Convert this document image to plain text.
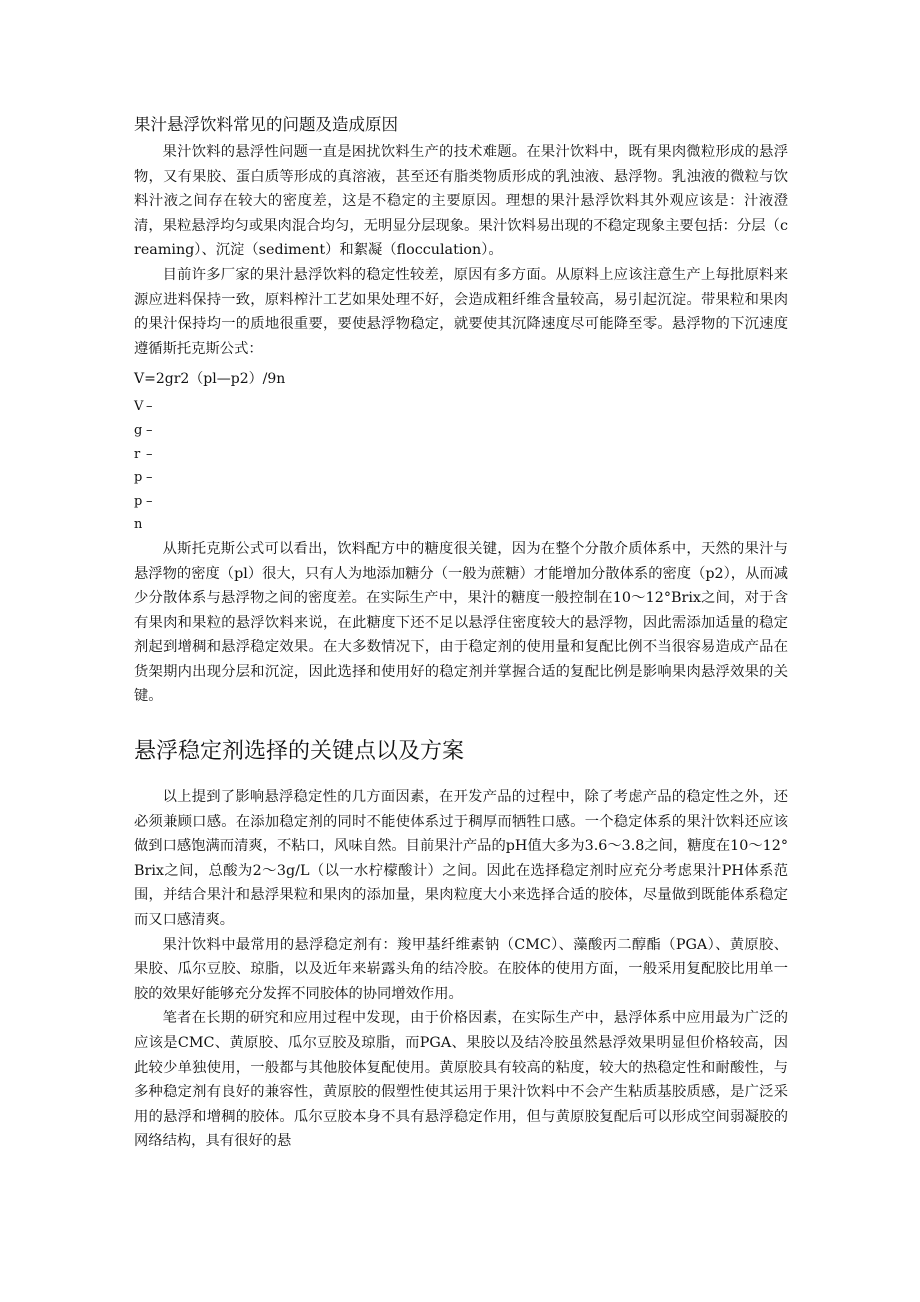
果汁悬浮饮料常见的问题及造成原因

果汁饮料的悬浮性问题一直是困扰饮料生产的技术难题。在果汁饮料中，既有果肉微粒形成的悬浮物，又有果胶、蛋白质等形成的真溶液，甚至还有脂类物质形成的乳浊液、悬浮物。乳浊液的微粒与饮料汁液之间存在较大的密度差，这是不稳定的主要原因。理想的果汁悬浮饮料其外观应该是：汁液澄清，果粒悬浮均匀或果肉混合均匀，无明显分层现象。果汁饮料易出现的不稳定现象主要包括：分层（creaming）、沉淀（sediment）和絮凝（flocculation）。

目前许多厂家的果汁悬浮饮料的稳定性较差，原因有多方面。从原料上应该注意生产上每批原料来源应进料保持一致，原料榨汁工艺如果处理不好，会造成粗纤维含量较高，易引起沉淀。带果粒和果肉的果汁保持均一的质地很重要，要使悬浮物稳定，就要使其沉降速度尽可能降至零。悬浮物的下沉速度遵循斯托克斯公式：

V=2gr2（pl—p2）/9n
V –
g –
r –
p –
p –
n

从斯托克斯公式可以看出，饮料配方中的糖度很关键，因为在整个分散介质体系中，天然的果汁与悬浮物的密度（pl）很大，只有人为地添加糖分（一般为蔗糖）才能增加分散体系的密度（p2），从而减少分散体系与悬浮物之间的密度差。在实际生产中，果汁的糖度一般控制在10～12°Brix之间，对于含有果肉和果粒的悬浮饮料来说，在此糖度下还不足以悬浮住密度较大的悬浮物，因此需添加适量的稳定剂起到增稠和悬浮稳定效果。在大多数情况下，由于稳定剂的使用量和复配比例不当很容易造成产品在货架期内出现分层和沉淀，因此选择和使用好的稳定剂并掌握合适的复配比例是影响果肉悬浮效果的关键。

悬浮稳定剂选择的关键点以及方案

以上提到了影响悬浮稳定性的几方面因素，在开发产品的过程中，除了考虑产品的稳定性之外，还必须兼顾口感。在添加稳定剂的同时不能使体系过于稠厚而牺牲口感。一个稳定体系的果汁饮料还应该做到口感饱满而清爽，不粘口，风味自然。目前果汁产品的pH值大多为3.6～3.8之间，糖度在10～12°Brix之间，总酸为2～3g/L（以一水柠檬酸计）之间。因此在选择稳定剂时应充分考虑果汁PH体系范围，并结合果汁和悬浮果粒和果肉的添加量，果肉粒度大小来选择合适的胶体，尽量做到既能体系稳定而又口感清爽。

果汁饮料中最常用的悬浮稳定剂有：羧甲基纤维素钠（CMC）、藻酸丙二醇酯（PGA）、黄原胶、果胶、瓜尔豆胶、琼脂，以及近年来崭露头角的结冷胶。在胶体的使用方面，一般采用复配胶比用单一胶的效果好能够充分发挥不同胶体的协同增效作用。

笔者在长期的研究和应用过程中发现，由于价格因素，在实际生产中，悬浮体系中应用最为广泛的应该是CMC、黄原胶、瓜尔豆胶及琼脂，而PGA、果胶以及结冷胶虽然悬浮效果明显但价格较高，因此较少单独使用，一般都与其他胶体复配使用。黄原胶具有较高的粘度，较大的热稳定性和耐酸性，与多种稳定剂有良好的兼容性，黄原胶的假塑性使其运用于果汁饮料中不会产生粘质基胶质感，是广泛采用的悬浮和增稠的胶体。瓜尔豆胶本身不具有悬浮稳定作用，但与黄原胶复配后可以形成空间弱凝胶的网络结构，具有很好的悬
